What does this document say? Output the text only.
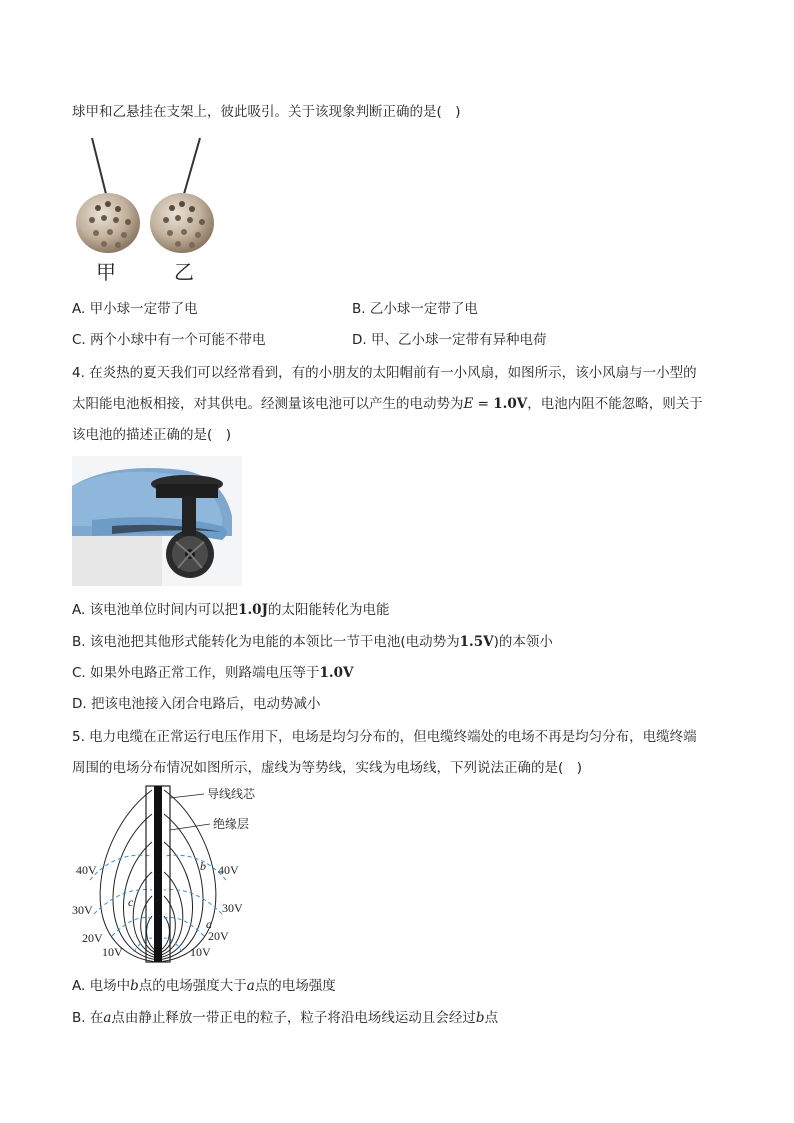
球甲和乙悬挂在支架上，彼此吸引。关于该现象判断正确的是(　)
甲	乙
A. 甲小球一定带了电	B. 乙小球一定带了电
C. 两个小球中有一个可能不带电	D. 甲、乙小球一定带有异种电荷
4. 在炎热的夏天我们可以经常看到，有的小朋友的太阳帽前有一小风扇，如图所示，该小风扇与一小型的
太阳能电池板相接，对其供电。经测量该电池可以产生的电动势为E = 1.0V，电池内阻不能忽略，则关于
该电池的描述正确的是(　)
A. 该电池单位时间内可以把1.0J的太阳能转化为电能
B. 该电池把其他形式能转化为电能的本领比一节干电池(电动势为1.5V)的本领小
C. 如果外电路正常工作，则路端电压等于1.0V
D. 把该电池接入闭合电路后，电动势减小
5. 电力电缆在正常运行电压作用下，电场是均匀分布的，但电缆终端处的电场不再是均匀分布，电缆终端
周围的电场分布情况如图所示，虚线为等势线，实线为电场线，下列说法正确的是(　)
导线线芯
绝缘层
40V
30V
20V
10V
40V
30V
20V
10V
b
a
c
A. 电场中b点的电场强度大于a点的电场强度
B. 在a点由静止释放一带正电的粒子，粒子将沿电场线运动且会经过b点
